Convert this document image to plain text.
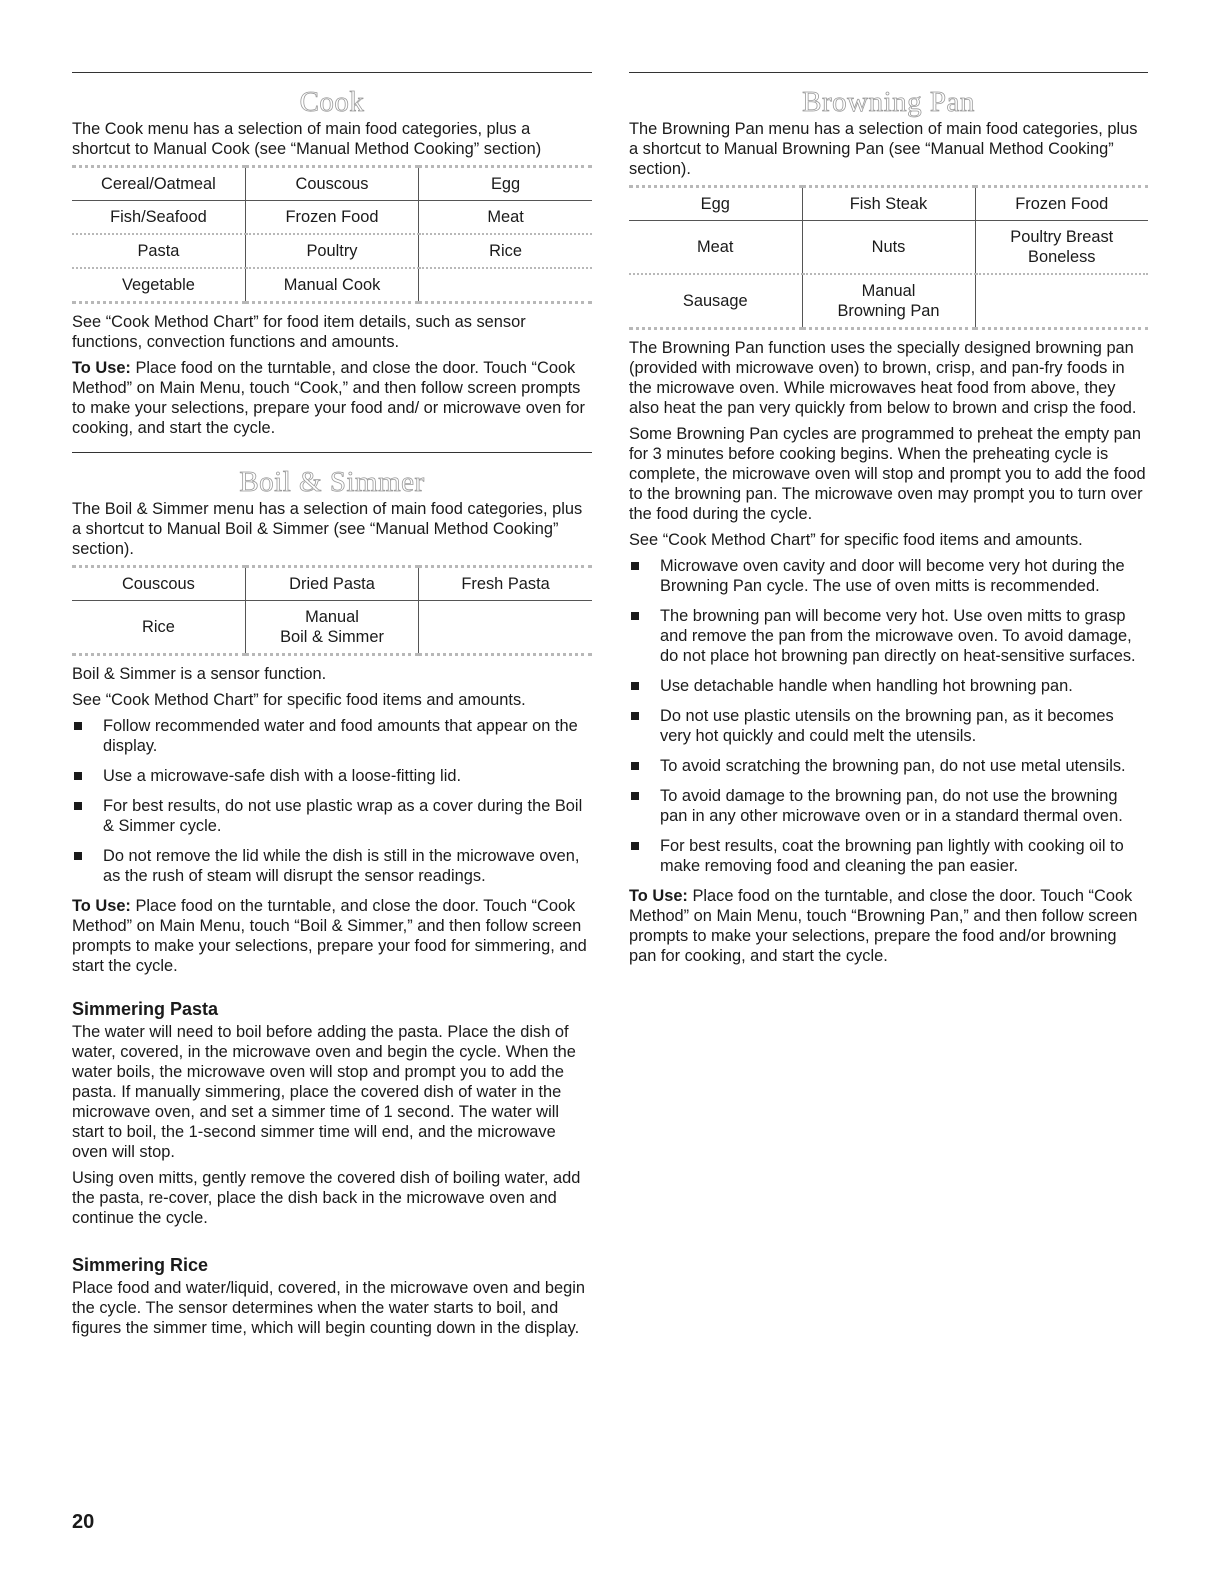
Cook

The Cook menu has a selection of main food categories, plus a shortcut to Manual Cook (see “Manual Method Cooking” section)

Cereal/Oatmeal	Couscous	Egg
Fish/Seafood	Frozen Food	Meat
Pasta	Poultry	Rice
Vegetable	Manual Cook	

See “Cook Method Chart” for food item details, such as sensor functions, convection functions and amounts.

To Use: Place food on the turntable, and close the door. Touch “Cook Method” on Main Menu, touch “Cook,” and then follow screen prompts to make your selections, prepare your food and/ or microwave oven for cooking, and start the cycle.

Boil & Simmer

The Boil & Simmer menu has a selection of main food categories, plus a shortcut to Manual Boil & Simmer (see “Manual Method Cooking” section).

Couscous	Dried Pasta	Fresh Pasta
Rice	Manual
Boil & Simmer	

Boil & Simmer is a sensor function.

See “Cook Method Chart” for specific food items and amounts.

Follow recommended water and food amounts that appear on the display.
Use a microwave-safe dish with a loose-fitting lid.
For best results, do not use plastic wrap as a cover during the Boil & Simmer cycle.
Do not remove the lid while the dish is still in the microwave oven, as the rush of steam will disrupt the sensor readings.

To Use: Place food on the turntable, and close the door. Touch “Cook Method” on Main Menu, touch “Boil & Simmer,” and then follow screen prompts to make your selections, prepare your food for simmering, and start the cycle.

Simmering Pasta

The water will need to boil before adding the pasta. Place the dish of water, covered, in the microwave oven and begin the cycle. When the water boils, the microwave oven will stop and prompt you to add the pasta. If manually simmering, place the covered dish of water in the microwave oven, and set a simmer time of 1 second. The water will start to boil, the 1-second simmer time will end, and the microwave oven will stop.

Using oven mitts, gently remove the covered dish of boiling water, add the pasta, re-cover, place the dish back in the microwave oven and continue the cycle.

Simmering Rice

Place food and water/liquid, covered, in the microwave oven and begin the cycle. The sensor determines when the water starts to boil, and figures the simmer time, which will begin counting down in the display.

Browning Pan

The Browning Pan menu has a selection of main food categories, plus a shortcut to Manual Browning Pan (see “Manual Method Cooking” section).

Egg	Fish Steak	Frozen Food
Meat	Nuts	Poultry Breast
Boneless
Sausage	Manual
Browning Pan	

The Browning Pan function uses the specially designed browning pan (provided with microwave oven) to brown, crisp, and pan-fry foods in the microwave oven. While microwaves heat food from above, they also heat the pan very quickly from below to brown and crisp the food.

Some Browning Pan cycles are programmed to preheat the empty pan for 3 minutes before cooking begins. When the preheating cycle is complete, the microwave oven will stop and prompt you to add the food to the browning pan. The microwave oven may prompt you to turn over the food during the cycle.

See “Cook Method Chart” for specific food items and amounts.

Microwave oven cavity and door will become very hot during the Browning Pan cycle. The use of oven mitts is recommended.
The browning pan will become very hot. Use oven mitts to grasp and remove the pan from the microwave oven. To avoid damage, do not place hot browning pan directly on heat-sensitive surfaces.
Use detachable handle when handling hot browning pan.
Do not use plastic utensils on the browning pan, as it becomes very hot quickly and could melt the utensils.
To avoid scratching the browning pan, do not use metal utensils.
To avoid damage to the browning pan, do not use the browning pan in any other microwave oven or in a standard thermal oven.
For best results, coat the browning pan lightly with cooking oil to make removing food and cleaning the pan easier.

To Use: Place food on the turntable, and close the door. Touch “Cook Method” on Main Menu, touch “Browning Pan,” and then follow screen prompts to make your selections, prepare the food and/or browning pan for cooking, and start the cycle.

20
